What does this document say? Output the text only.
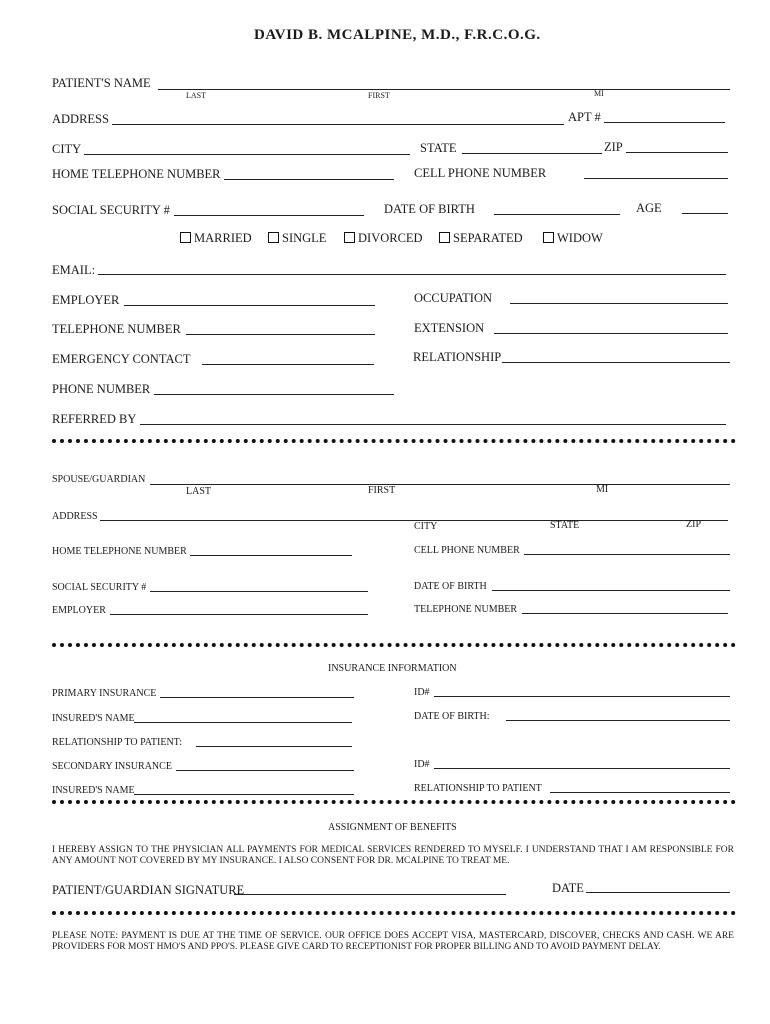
DAVID B. MCALPINE, M.D., F.R.C.O.G.
PATIENT'S NAME
LAST	FIRST	MI
ADDRESS	APT #
CITY	STATE	ZIP
HOME TELEPHONE NUMBER	CELL PHONE NUMBER
SOCIAL SECURITY #	DATE OF BIRTH	AGE
MARRIED	SINGLE	DIVORCED	SEPARATED	WIDOW
EMAIL:
EMPLOYER	OCCUPATION
TELEPHONE NUMBER	EXTENSION
EMERGENCY CONTACT	RELATIONSHIP
PHONE NUMBER
REFERRED BY
SPOUSE/GUARDIAN
LAST	FIRST	MI
ADDRESS
CITY	STATE	ZIP
HOME TELEPHONE NUMBER	CELL PHONE NUMBER
SOCIAL SECURITY #	DATE OF BIRTH
EMPLOYER	TELEPHONE NUMBER
INSURANCE INFORMATION
PRIMARY INSURANCE	ID#
INSURED'S NAME	DATE OF BIRTH:
RELATIONSHIP TO PATIENT:
SECONDARY INSURANCE	ID#
INSURED'S NAME	RELATIONSHIP TO PATIENT
ASSIGNMENT OF BENEFITS
I HEREBY ASSIGN TO THE PHYSICIAN ALL PAYMENTS FOR MEDICAL SERVICES RENDERED TO MYSELF. I UNDERSTAND THAT I AM RESPONSIBLE FOR ANY AMOUNT NOT COVERED BY MY INSURANCE. I ALSO CONSENT FOR DR. MCALPINE TO TREAT ME.
PATIENT/GUARDIAN SIGNATURE	DATE
PLEASE NOTE: PAYMENT IS DUE AT THE TIME OF SERVICE. OUR OFFICE DOES ACCEPT VISA, MASTERCARD, DISCOVER, CHECKS AND CASH. WE ARE PROVIDERS FOR MOST HMO'S AND PPO'S. PLEASE GIVE CARD TO RECEPTIONIST FOR PROPER BILLING AND TO AVOID PAYMENT DELAY.
